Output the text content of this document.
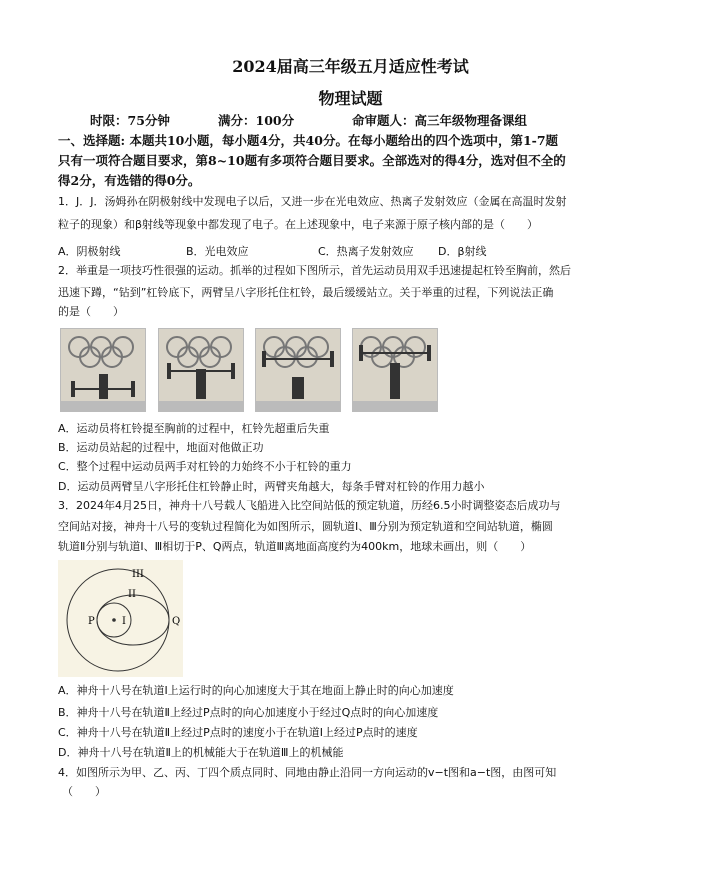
2024届高三年级五月适应性考试
物理试题
时限：75分钟	满分：100分	命审题人：高三年级物理备课组
一、选择题: 本题共10小题，每小题4分，共40分。在每小题给出的四个选项中，第1-7题
只有一项符合题目要求，第8~10题有多项符合题目要求。全部选对的得4分，选对但不全的
得2分，有选错的得0分。
1．J．J．汤姆孙在阴极射线中发现电子以后，又进一步在光电效应、热离子发射效应（金属在高温时发射
粒子的现象）和β射线等现象中都发现了电子。在上述现象中，电子来源于原子核内部的是（　　）
A．阴极射线	B．光电效应	C．热离子发射效应 D．β射线
2．举重是一项技巧性很强的运动。抓举的过程如下图所示，首先运动员用双手迅速提起杠铃至胸前，然后
迅速下蹲，“钻到”杠铃底下，两臂呈八字形托住杠铃，最后缓缓站立。关于举重的过程，下列说法正确
的是（　　）
A．运动员将杠铃提至胸前的过程中，杠铃先超重后失重
B．运动员站起的过程中，地面对他做正功
C．整个过程中运动员两手对杠铃的力始终不小于杠铃的重力
D．运动员两臂呈八字形托住杠铃静止时，两臂夹角越大，每条手臂对杠铃的作用力越小
3．2024年4月25日，神舟十八号载人飞船进入比空间站低的预定轨道，历经6.5小时调整姿态后成功与
空间站对接，神舟十八号的变轨过程简化为如图所示，圆轨道Ⅰ、Ⅲ分别为预定轨道和空间站轨道，椭圆
轨道Ⅱ分别与轨道Ⅰ、Ⅲ相切于P、Q两点，轨道Ⅲ离地面高度约为400km，地球未画出，则（　　）
III
II
P	I	Q
A．神舟十八号在轨道Ⅰ上运行时的向心加速度大于其在地面上静止时的向心加速度
B．神舟十八号在轨道Ⅱ上经过P点时的向心加速度小于经过Q点时的向心加速度
C．神舟十八号在轨道Ⅱ上经过P点时的速度小于在轨道Ⅰ上经过P点时的速度
D．神舟十八号在轨道Ⅱ上的机械能大于在轨道Ⅲ上的机械能
4．如图所示为甲、乙、丙、丁四个质点同时、同地由静止沿同一方向运动的v−t图和a−t图，由图可知
（　　）
